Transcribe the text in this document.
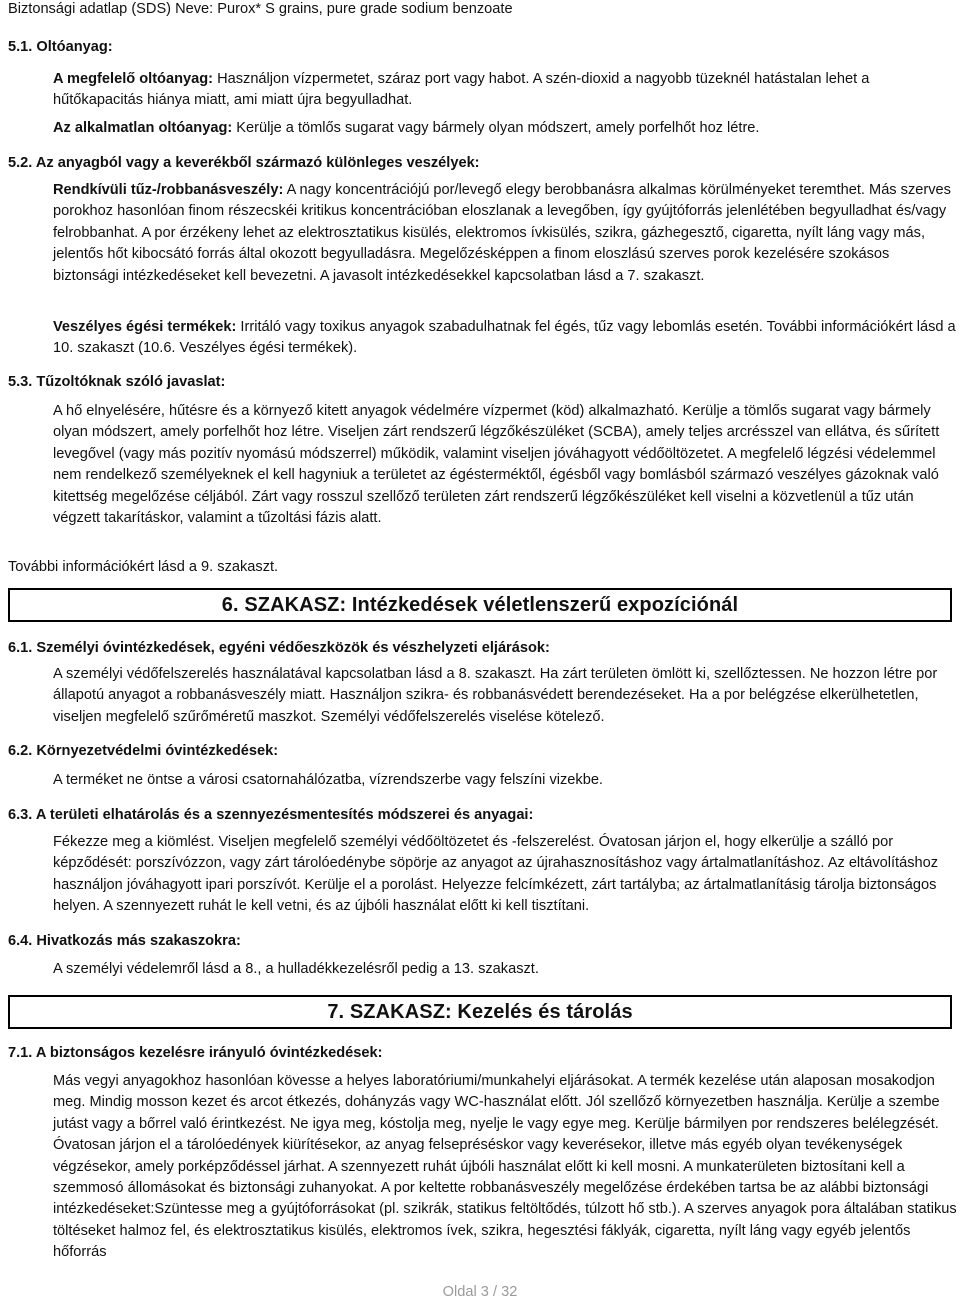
Biztonsági adatlap (SDS) Neve: Purox* S grains, pure grade sodium benzoate
5.1. Oltóanyag:

A megfelelő oltóanyag: Használjon vízpermetet, száraz port vagy habot. A szén-dioxid a nagyobb tüzeknél hatástalan lehet a hűtőkapacitás hiánya miatt, ami miatt újra begyulladhat.

Az alkalmatlan oltóanyag: Kerülje a tömlős sugarat vagy bármely olyan módszert, amely porfelhőt hoz létre.

5.2. Az anyagból vagy a keverékből származó különleges veszélyek:

Rendkívüli tűz-/robbanásveszély: A nagy koncentrációjú por/levegő elegy berobbanásra alkalmas körülményeket teremthet. Más szerves porokhoz hasonlóan finom részecskéi kritikus koncentrációban eloszlanak a levegőben, így gyújtóforrás jelenlétében begyulladhat és/vagy felrobbanhat. A por érzékeny lehet az elektrosztatikus kisülés, elektromos ívkisülés, szikra, gázhegesztő, cigaretta, nyílt láng vagy más, jelentős hőt kibocsátó forrás által okozott begyulladásra. Megelőzésképpen a finom eloszlású szerves porok kezelésére szokásos biztonsági intézkedéseket kell bevezetni. A javasolt intézkedésekkel kapcsolatban lásd a 7. szakaszt.

Veszélyes égési termékek: Irritáló vagy toxikus anyagok szabadulhatnak fel égés, tűz vagy lebomlás esetén. További információkért lásd a 10. szakaszt (10.6. Veszélyes égési termékek).

5.3. Tűzoltóknak szóló javaslat:

A hő elnyelésére, hűtésre és a környező kitett anyagok védelmére vízpermet (köd) alkalmazható. Kerülje a tömlős sugarat vagy bármely olyan módszert, amely porfelhőt hoz létre. Viseljen zárt rendszerű légzőkészüléket (SCBA), amely teljes arcrésszel van ellátva, és sűrített levegővel (vagy más pozitív nyomású módszerrel) működik, valamint viseljen jóváhagyott védőöltözetet. A megfelelő légzési védelemmel nem rendelkező személyeknek el kell hagyniuk a területet az égésterméktől, égésből vagy bomlásból származó veszélyes gázoknak való kitettség megelőzése céljából. Zárt vagy rosszul szellőző területen zárt rendszerű légzőkészüléket kell viselni a közvetlenül a tűz után végzett takarításkor, valamint a tűzoltási fázis alatt.

További információkért lásd a 9. szakaszt.
6. SZAKASZ: Intézkedések véletlenszerű expozíciónál
6.1. Személyi óvintézkedések, egyéni védőeszközök és vészhelyzeti eljárások:

A személyi védőfelszerelés használatával kapcsolatban lásd a 8. szakaszt. Ha zárt területen ömlött ki, szellőztessen. Ne hozzon létre por állapotú anyagot a robbanásveszély miatt. Használjon szikra- és robbanásvédett berendezéseket. Ha a por belégzése elkerülhetetlen, viseljen megfelelő szűrőméretű maszkot. Személyi védőfelszerelés viselése kötelező.

6.2. Környezetvédelmi óvintézkedések:

A terméket ne öntse a városi csatornahálózatba, vízrendszerbe vagy felszíni vizekbe.

6.3. A területi elhatárolás és a szennyezésmentesítés módszerei és anyagai:

Fékezze meg a kiömlést. Viseljen megfelelő személyi védőöltözetet és -felszerelést. Óvatosan járjon el, hogy elkerülje a szálló por képződését: porszívózzon, vagy zárt tárolóedénybe söpörje az anyagot az újrahasznosításhoz vagy ártalmatlanításhoz. Az eltávolításhoz használjon jóváhagyott ipari porszívót. Kerülje el a porolást. Helyezze felcímkézett, zárt tartályba; az ártalmatlanításig tárolja biztonságos helyen. A szennyezett ruhát le kell vetni, és az újbóli használat előtt ki kell tisztítani.

6.4. Hivatkozás más szakaszokra:

A személyi védelemről lásd a 8., a hulladékkezelésről pedig a 13. szakaszt.

7. SZAKASZ: Kezelés és tárolás
7.1. A biztonságos kezelésre irányuló óvintézkedések:

Más vegyi anyagokhoz hasonlóan kövesse a helyes laboratóriumi/munkahelyi eljárásokat. A termék kezelése után alaposan mosakodjon meg. Mindig mosson kezet és arcot étkezés, dohányzás vagy WC-használat előtt. Jól szellőző környezetben használja. Kerülje a szembe jutást vagy a bőrrel való érintkezést. Ne igya meg, kóstolja meg, nyelje le vagy egye meg. Kerülje bármilyen por rendszeres belélegzését. Óvatosan járjon el a tárolóedények kiürítésekor, az anyag felsepréséskor vagy keverésekor, illetve más egyéb olyan tevékenységek végzésekor, amely porképződéssel járhat. A szennyezett ruhát újbóli használat előtt ki kell mosni. A munkaterületen biztosítani kell a szemmosó állomásokat és biztonsági zuhanyokat. A por keltette robbanásveszély megelőzése érdekében tartsa be az alábbi biztonsági intézkedéseket:Szüntesse meg a gyújtóforrásokat (pl. szikrák, statikus feltöltődés, túlzott hő stb.). A szerves anyagok pora általában statikus töltéseket halmoz fel, és elektrosztatikus kisülés, elektromos ívek, szikra, hegesztési fáklyák, cigaretta, nyílt láng vagy egyéb jelentős hőforrás

Oldal 3 / 32
